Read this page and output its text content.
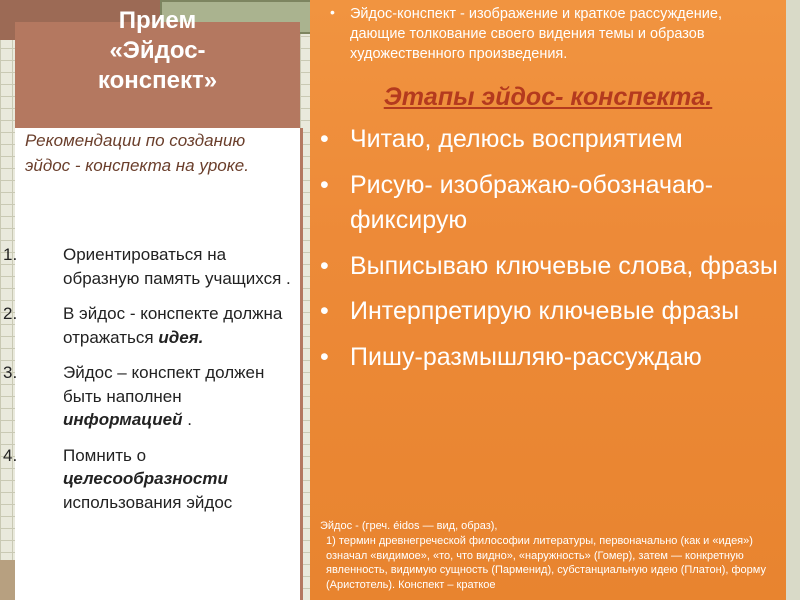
Прием
«Эйдос-
конспект»
Рекомендации по созданию эйдос - конспекта на уроке.
1.	Ориентироваться на образную память учащихся .
2.	В эйдос - конспекте должна отражаться идея.
3.	Эйдос – конспект должен быть наполнен информацией .
4.	Помнить о целесообразности использования эйдос
•	Эйдос-конспект - изображение и краткое рассуждение, дающие толкование своего видения темы и образов художественного произведения.
Этапы эйдос- конспекта.
• Читаю, делюсь восприятием
• Рисую- изображаю-обозначаю-фиксирую
• Выписываю ключевые слова, фразы
• Интерпретирую ключевые фразы
• Пишу-размышляю-рассуждаю
Эйдос - (греч. éidos — вид, образ),
1) термин древнегреческой философии литературы, первоначально (как и «идея») означал «видимое», «то, что видно», «наружность» (Гомер), затем — конкретную явленность, видимую сущность (Парменид), субстанциальную идею (Платон), форму (Аристотель). Конспект – краткое
